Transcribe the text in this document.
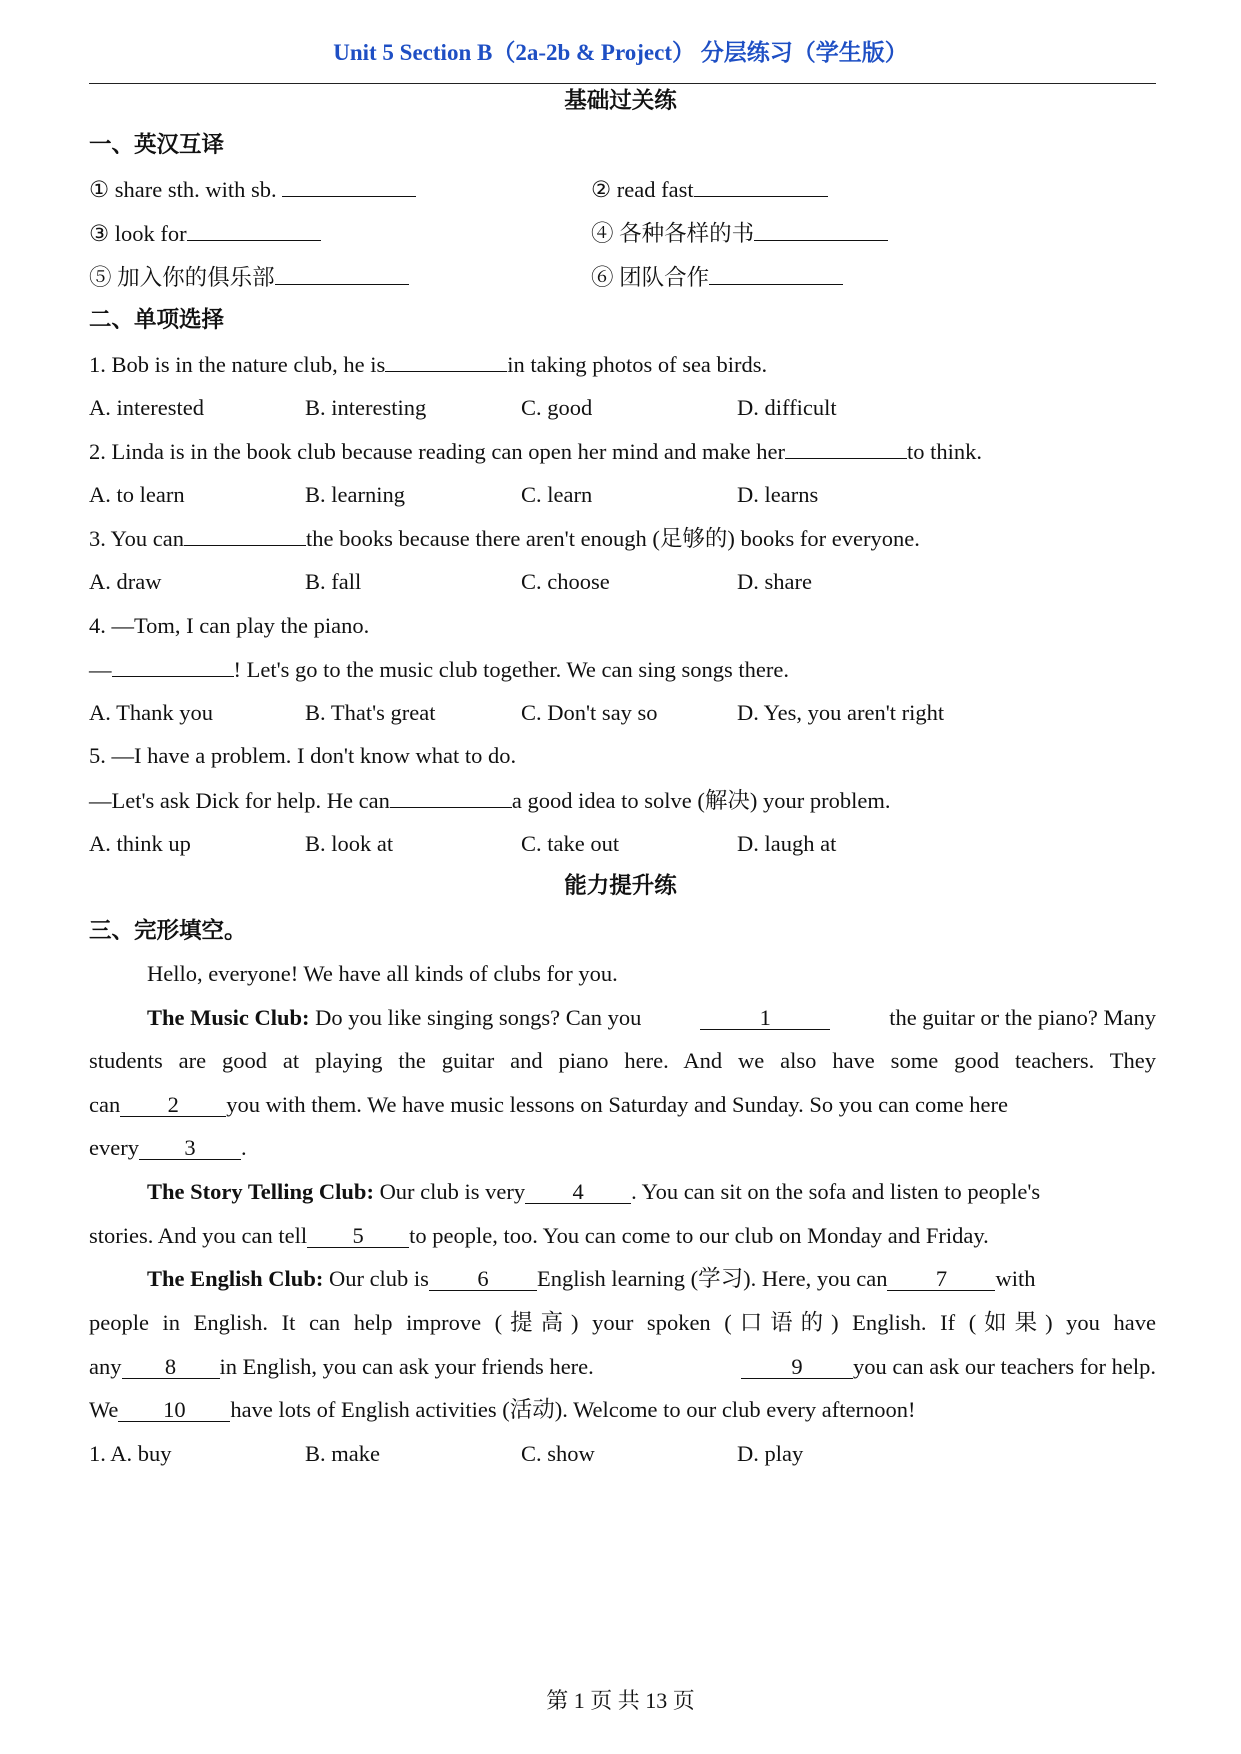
Unit 5 Section B（2a-2b & Project） 分层练习（学生版）
基础过关练
一、英汉互译
① share sth. with sb.	② read fast
③ look for	④ 各种各样的书
⑤ 加入你的俱乐部	⑥ 团队合作
二、单项选择
1. Bob is in the nature club, he is	in taking photos of sea birds.
A. interested	B. interesting	C. good	D. difficult
2. Linda is in the book club because reading can open her mind and make her	to think.
A. to learn	B. learning	C. learn	D. learns
3. You can	the books because there aren't enough (足够的) books for everyone.
A. draw	B. fall	C. choose	D. share
4. —Tom, I can play the piano.
—	! Let's go to the music club together. We can sing songs there.
A. Thank you	B. That's great	C. Don't say so	D. Yes, you aren't right
5. —I have a problem. I don't know what to do.
—Let's ask Dick for help. He can	a good idea to solve (解决) your problem.
A. think up	B. look at	C. take out	D. laugh at
能力提升练
三、完形填空。
Hello, everyone! We have all kinds of clubs for you.
The Music Club: Do you like singing songs? Can you	1	the guitar or the piano? Many
students are good at playing the guitar and piano here. And we also have some good teachers. They
can 2 you with them. We have music lessons on Saturday and Sunday. So you can come here
every 3 .
The Story Telling Club: Our club is very 4 . You can sit on the sofa and listen to people's
stories. And you can tell 5 to people, too. You can come to our club on Monday and Friday.
The English Club: Our club is 6 English learning (学习). Here, you can 7 with
people in English. It can help improve (提高) your spoken (口语的) English. If (如果) you have
any 8 in English, you can ask your friends here.	9 you can ask our teachers for help.
We 10 have lots of English activities (活动). Welcome to our club every afternoon!
1. A. buy	B. make	C. show	D. play
第 1 页 共 13 页
